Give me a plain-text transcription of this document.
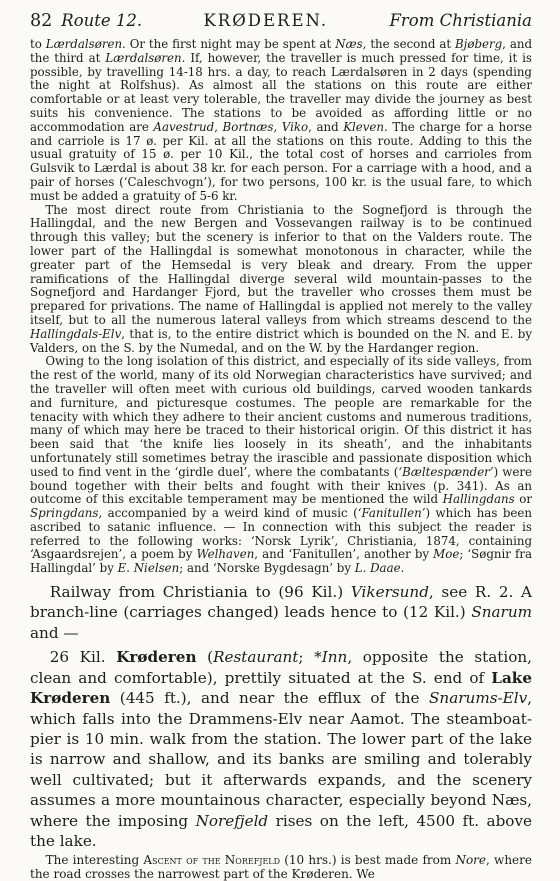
82 Route 12.	KRØDEREN.	From Christiania

to Lærdalsøren. Or the first night may be spent at Næs, the second at Bjøberg, and the third at Lærdalsøren. If, however, the traveller is much pressed for time, it is possible, by travelling 14-18 hrs. a day, to reach Lærdalsøren in 2 days (spending the night at Rolfshus). As almost all the stations on this route are either comfortable or at least very tolerable, the traveller may divide the journey as best suits his convenience. The stations to be avoided as affording little or no accommodation are Aavestrud, Bortnæs, Viko, and Kleven. The charge for a horse and carriole is 17 ø. per Kil. at all the stations on this route. Adding to this the usual gratuity of 15 ø. per 10 Kil., the total cost of horses and carrioles from Gulsvik to Lærdal is about 38 kr. for each person. For a carriage with a hood, and a pair of horses (‘Caleschvogn’), for two persons, 100 kr. is the usual fare, to which must be added a gratuity of 5-6 kr.

The most direct route from Christiania to the Sognefjord is through the Hallingdal, and the new Bergen and Vossevangen railway is to be continued through this valley; but the scenery is inferior to that on the Valders route. The lower part of the Hallingdal is somewhat monotonous in character, while the greater part of the Hemsedal is very bleak and dreary. From the upper ramifications of the Hallingdal diverge several wild mountain-passes to the Sognefjord and Hardanger Fjord, but the traveller who crosses them must be prepared for privations. The name of Hallingdal is applied not merely to the valley itself, but to all the numerous lateral valleys from which streams descend to the Hallingdals-Elv, that is, to the entire district which is bounded on the N. and E. by Valders, on the S. by the Numedal, and on the W. by the Hardanger region.

Owing to the long isolation of this district, and especially of its side valleys, from the rest of the world, many of its old Norwegian characteristics have survived; and the traveller will often meet with curious old buildings, carved wooden tankards and furniture, and picturesque costumes. The people are remarkable for the tenacity with which they adhere to their ancient customs and numerous traditions, many of which may here be traced to their historical origin. Of this district it has been said that ‘the knife lies loosely in its sheath’, and the inhabitants unfortunately still sometimes betray the irascible and passionate disposition which used to find vent in the ‘girdle duel’, where the combatants (‘Bæltespænder’) were bound together with their belts and fought with their knives (p. 341). As an outcome of this excitable temperament may be mentioned the wild Hallingdans or Springdans, accompanied by a weird kind of music (‘Fanitullen’) which has been ascribed to satanic influence. — In connection with this subject the reader is referred to the following works: ‘Norsk Lyrik’, Christiania, 1874, containing ‘Asgaardsrejen’, a poem by Welhaven, and ‘Fanitullen’, another by Moe; ‘Søgnir fra Hallingdal’ by E. Nielsen; and ‘Norske Bygdesagn’ by L. Daae.

Railway from Christiania to (96 Kil.) Vikersund, see R. 2. A branch-line (carriages changed) leads hence to (12 Kil.) Snarum and —

26 Kil. Krøderen (Restaurant; *Inn, opposite the station, clean and comfortable), prettily situated at the S. end of Lake Krøderen (445 ft.), and near the efflux of the Snarums-Elv, which falls into the Drammens-Elv near Aamot. The steamboat-pier is 10 min. walk from the station. The lower part of the lake is narrow and shallow, and its banks are smiling and tolerably well cultivated; but it afterwards expands, and the scenery assumes a more mountainous character, especially beyond Næs, where the imposing Norefjeld rises on the left, 4500 ft. above the lake.

The interesting Ascent of the Norefjeld (10 hrs.) is best made from Nore, where the road crosses the narrowest part of the Krøderen. We
